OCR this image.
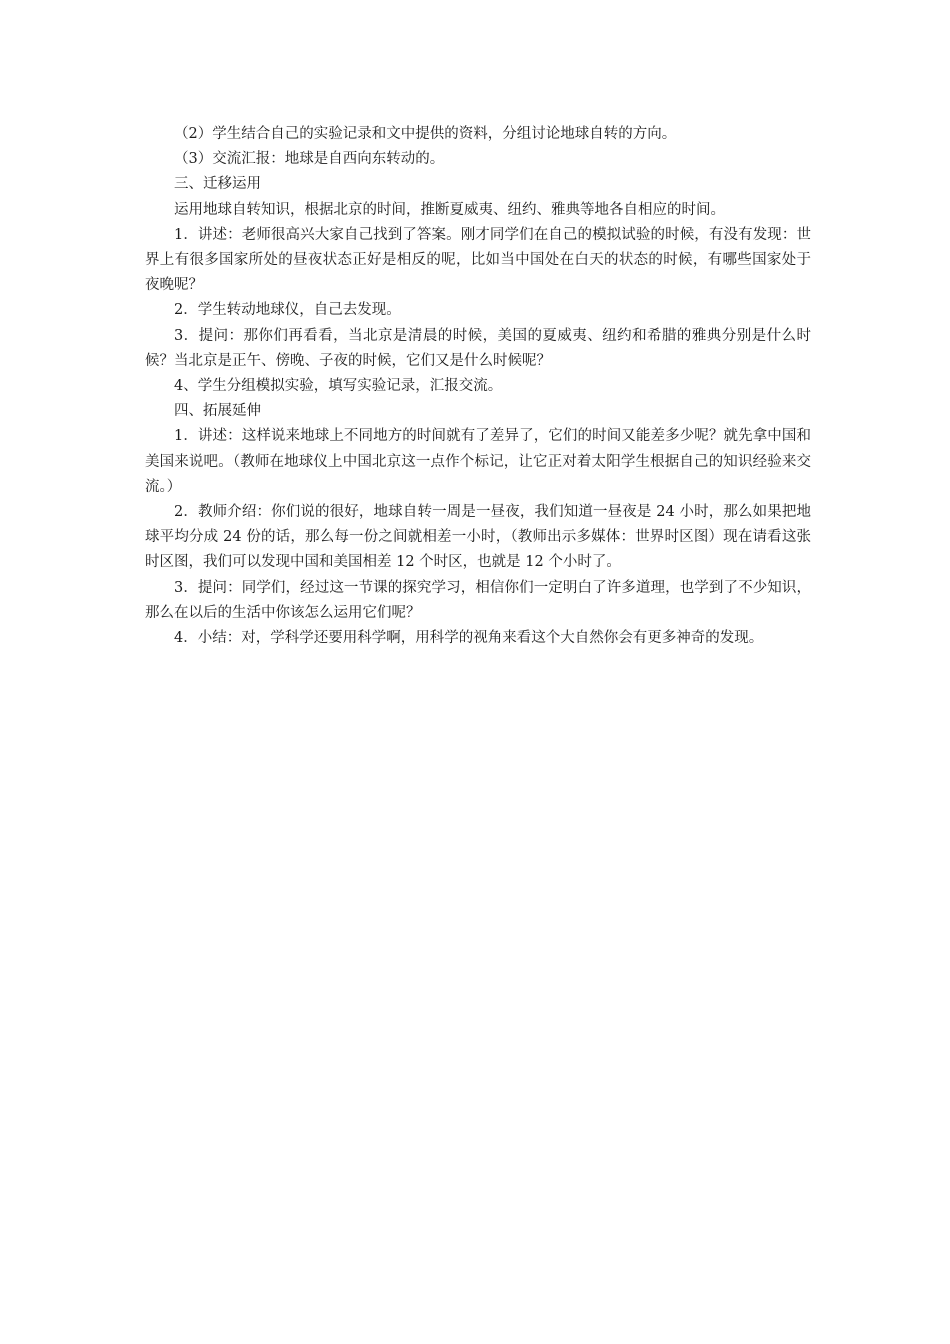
（2）学生结合自己的实验记录和文中提供的资料，分组讨论地球自转的方向。

（3）交流汇报：地球是自西向东转动的。

三、迁移运用

运用地球自转知识，根据北京的时间，推断夏威夷、纽约、雅典等地各自相应的时间。

1．讲述：老师很高兴大家自己找到了答案。刚才同学们在自己的模拟试验的时候，有没有发现：世界上有很多国家所处的昼夜状态正好是相反的呢，比如当中国处在白天的状态的时候，有哪些国家处于夜晚呢？

2．学生转动地球仪，自己去发现。

3．提问：那你们再看看，当北京是清晨的时候，美国的夏威夷、纽约和希腊的雅典分别是什么时候？当北京是正午、傍晚、子夜的时候，它们又是什么时候呢？

4、学生分组模拟实验，填写实验记录，汇报交流。

四、拓展延伸

1．讲述：这样说来地球上不同地方的时间就有了差异了，它们的时间又能差多少呢？就先拿中国和美国来说吧。（教师在地球仪上中国北京这一点作个标记，让它正对着太阳学生根据自己的知识经验来交流。）

2．教师介绍：你们说的很好，地球自转一周是一昼夜，我们知道一昼夜是 24 小时，那么如果把地球平均分成 24 份的话，那么每一份之间就相差一小时，（教师出示多媒体：世界时区图）现在请看这张时区图，我们可以发现中国和美国相差 12 个时区，也就是 12 个小时了。

3．提问：同学们，经过这一节课的探究学习，相信你们一定明白了许多道理，也学到了不少知识，那么在以后的生活中你该怎么运用它们呢？

4．小结：对，学科学还要用科学啊，用科学的视角来看这个大自然你会有更多神奇的发现。
